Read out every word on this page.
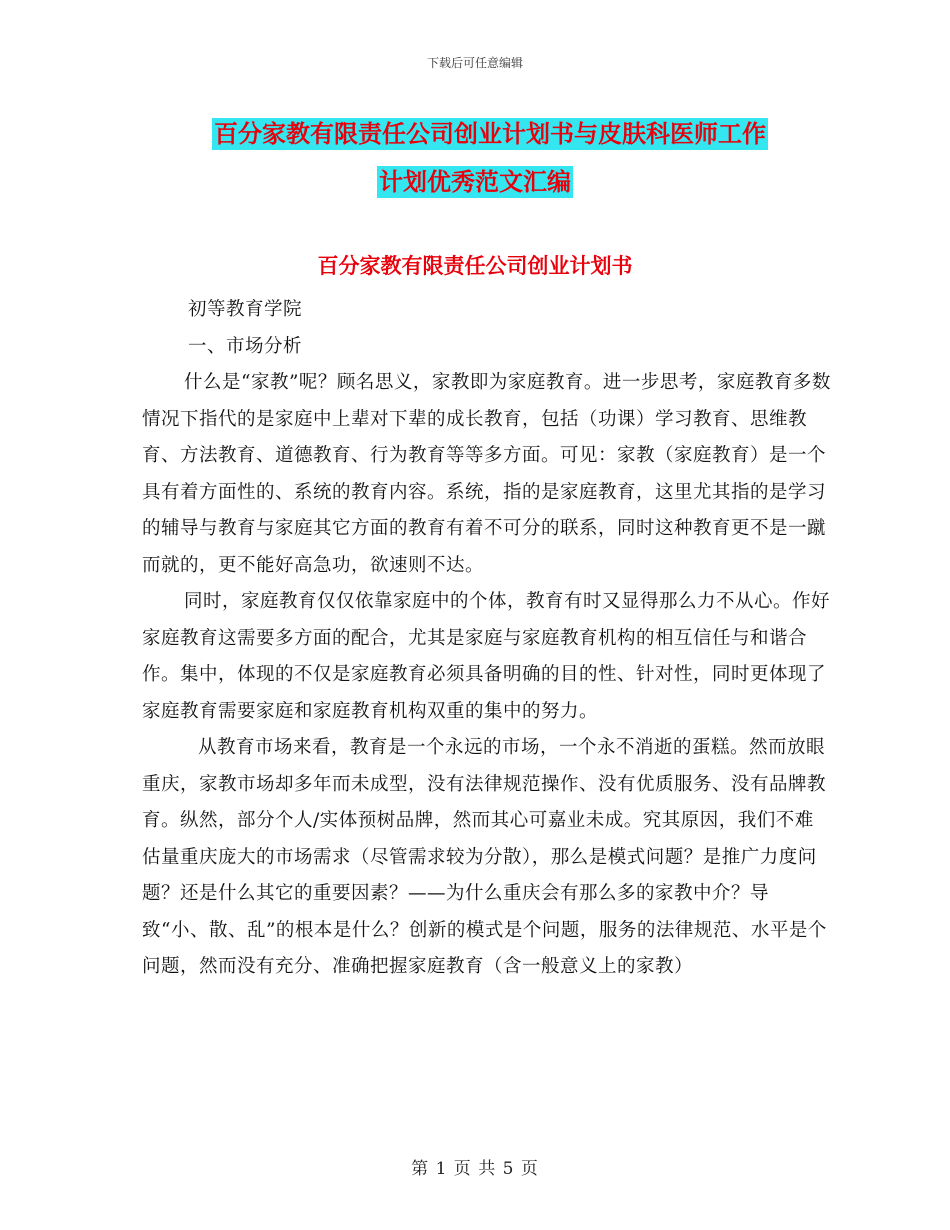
下载后可任意编辑
百分家教有限责任公司创业计划书与皮肤科医师工作
计划优秀范文汇编
百分家教有限责任公司创业计划书

初等教育学院

一、市场分析

什么是“家教”呢？顾名思义，家教即为家庭教育。进一步思考，家庭教育多数情况下指代的是家庭中上辈对下辈的成长教育，包括（功课）学习教育、思维教育、方法教育、道德教育、行为教育等等多方面。可见：家教（家庭教育）是一个具有着方面性的、系统的教育内容。系统，指的是家庭教育，这里尤其指的是学习的辅导与教育与家庭其它方面的教育有着不可分的联系，同时这种教育更不是一蹴而就的，更不能好高急功，欲速则不达。

同时，家庭教育仅仅依靠家庭中的个体，教育有时又显得那么力不从心。作好家庭教育这需要多方面的配合，尤其是家庭与家庭教育机构的相互信任与和谐合作。集中，体现的不仅是家庭教育必须具备明确的目的性、针对性，同时更体现了家庭教育需要家庭和家庭教育机构双重的集中的努力。

从教育市场来看，教育是一个永远的市场，一个永不消逝的蛋糕。然而放眼重庆，家教市场却多年而未成型，没有法律规范操作、没有优质服务、没有品牌教育。纵然，部分个人/实体预树品牌，然而其心可嘉业未成。究其原因，我们不难估量重庆庞大的市场需求（尽管需求较为分散），那么是模式问题？是推广力度问题？还是什么其它的重要因素？——为什么重庆会有那么多的家教中介？导致“小、散、乱”的根本是什么？创新的模式是个问题，服务的法律规范、水平是个问题，然而没有充分、准确把握家庭教育（含一般意义上的家教）

第 1 页 共 5 页
